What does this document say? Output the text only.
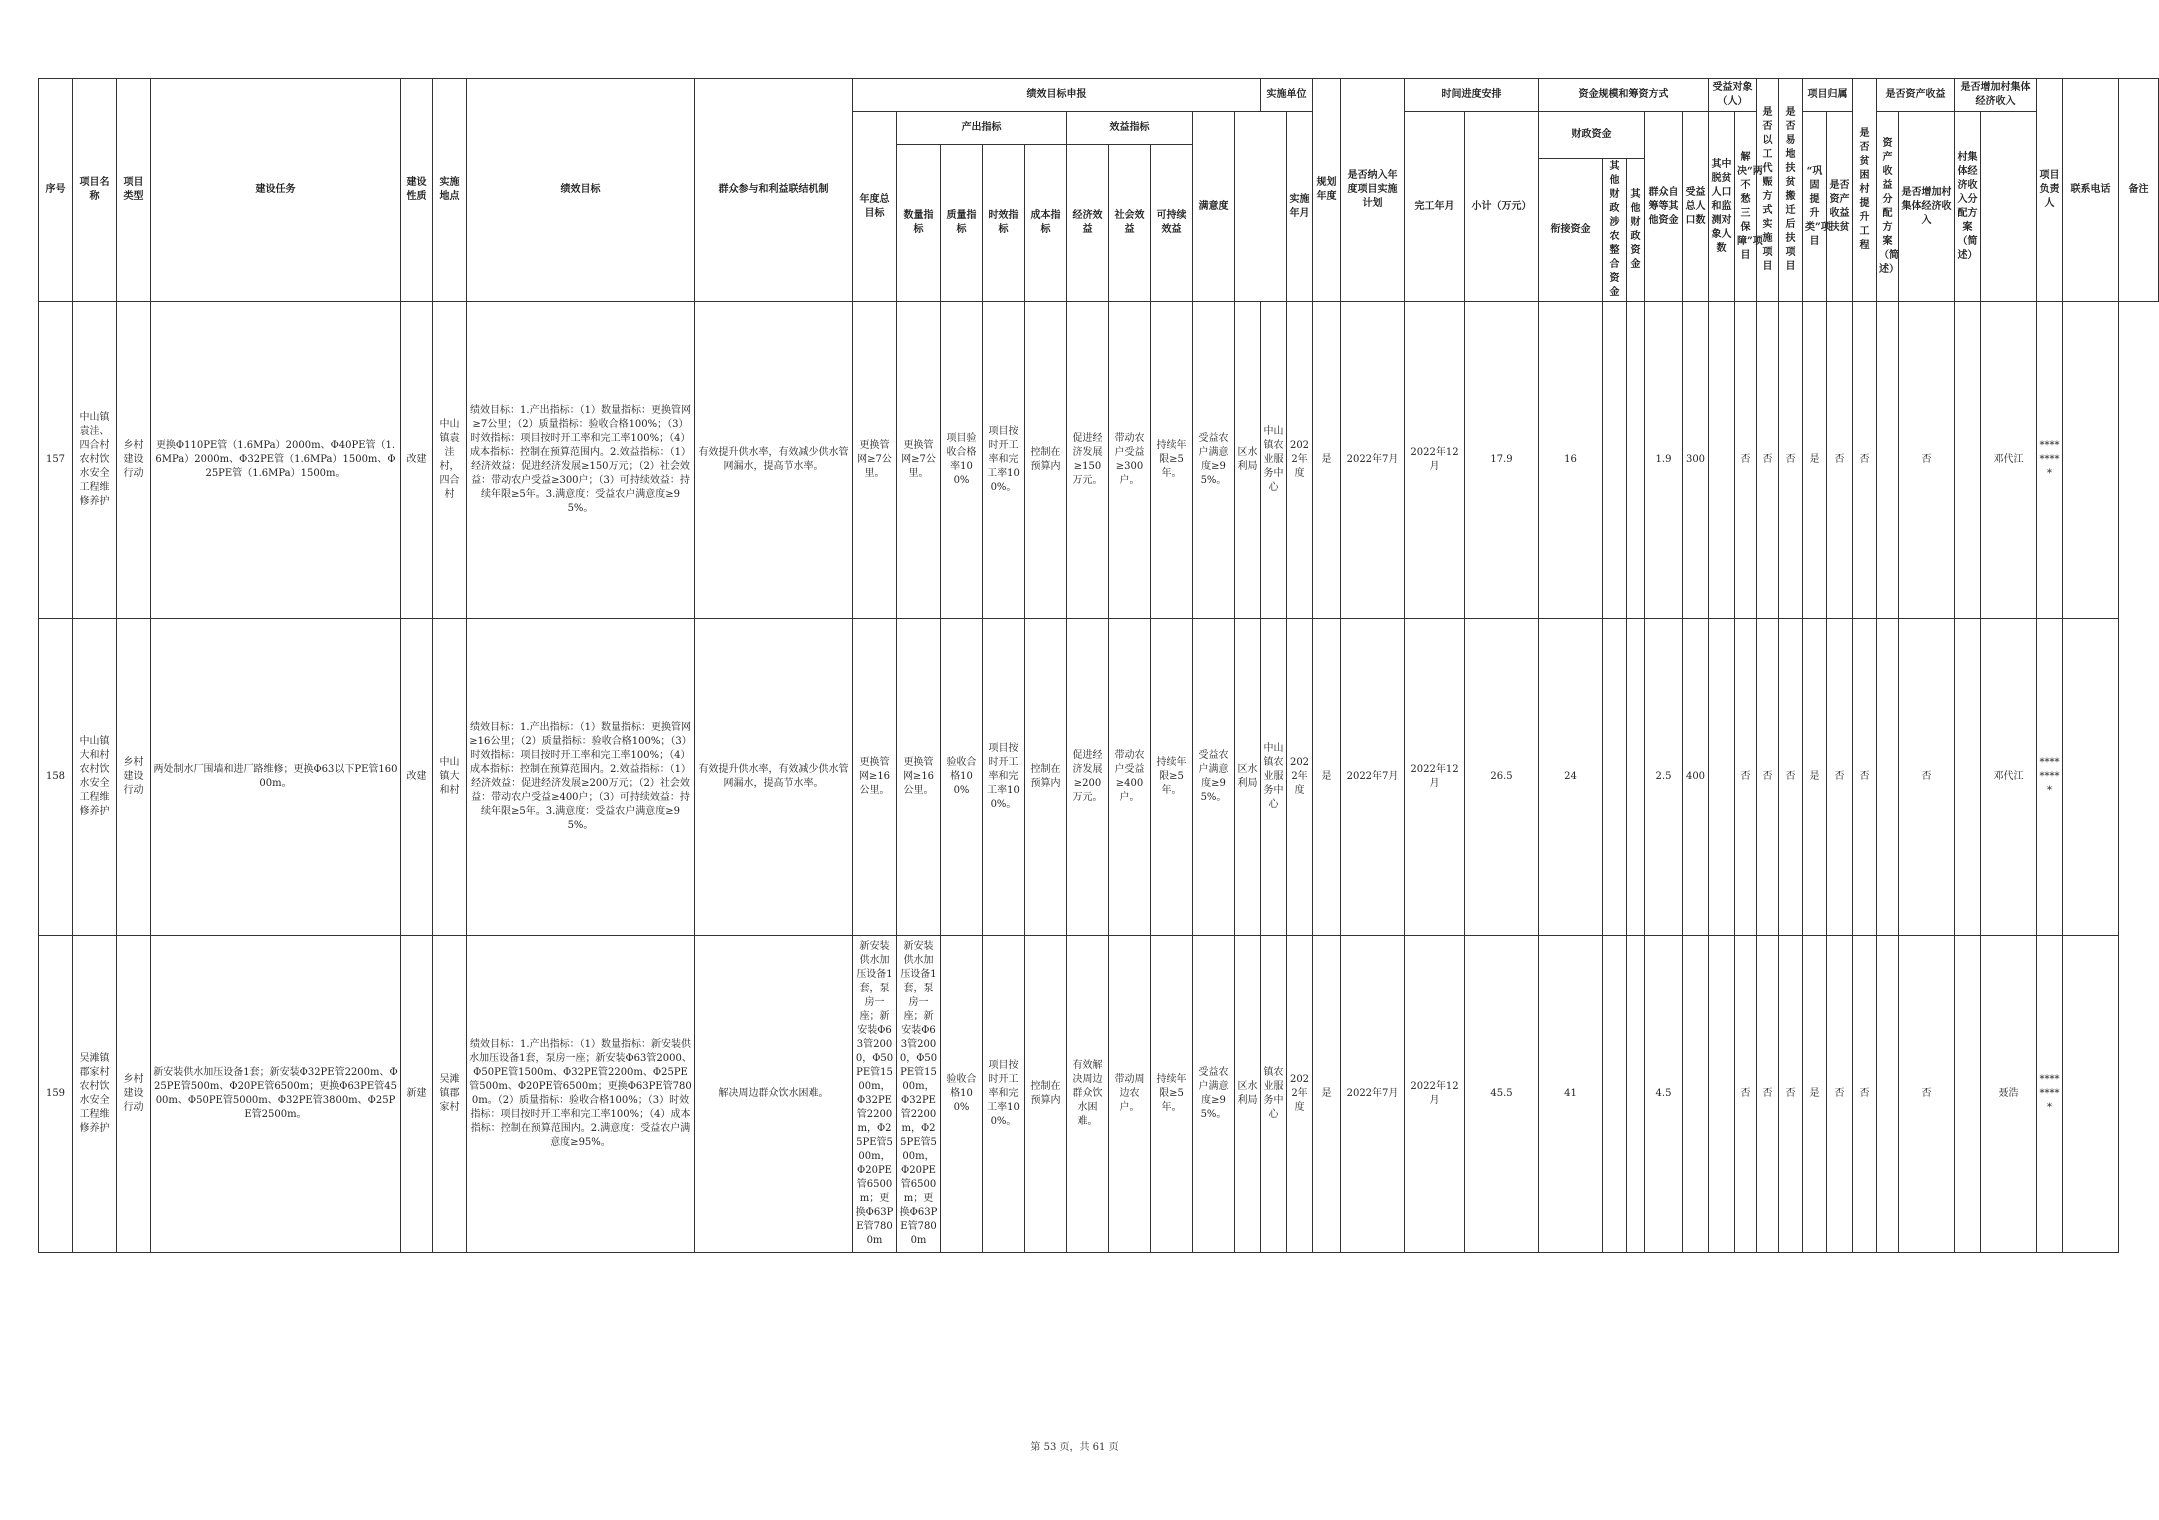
序号	项目名称	项目类型	建设任务	建设性质	实施地点	绩效目标	群众参与和利益联结机制	绩效目标申报										实施单位		规划年度	是否纳入年度项目实施计划	时间进度安排		资金规模和筹资方式					受益对象（人）		是否以工代赈方式实施项目	是否易地扶贫搬迁后扶项目	项目归属		是否贫困村提升工程	是否资产收益		是否增加村集体经济收入		项目负责人	联系电话	备注
								年度总目标	产出指标				效益指标			满意度			实施年月			完工年月	小计（万元）	财政资金			群众自筹等其他资金	受益总人口数	其中脱贫人口和监测对象人数	解决“两不愁三保障”项目			“巩固提升类”项目	是否资产收益扶贫		资产收益分配方案（简述）	是否增加村集体经济收入	村集体经济收入分配方案（简述）				
									数量指标	质量指标	时效指标	成本指标	经济效益	社会效益	可持续效益																											
																								衔接资金	其他财政涉农整合资金	其他财政资金																
157	中山镇袁洼、四合村农村饮水安全工程维修养护	乡村建设行动	更换Φ110PE管（1.6MPa）2000m、Φ40PE管（1.6MPa）2000m、Φ32PE管（1.6MPa）1500m、Φ25PE管（1.6MPa）1500m。	改建	中山镇袁洼村，四合村	绩效目标：1.产出指标：（1）数量指标：更换管网≥7公里；（2）质量指标：验收合格100%；（3）时效指标：项目按时开工率和完工率100%；（4）成本指标：控制在预算范围内。2.效益指标：（1）经济效益：促进经济发展≥150万元；（2）社会效益：带动农户受益≥300户；（3）可持续效益：持续年限≥5年。3.满意度：受益农户满意度≥95%。	有效提升供水率，有效减少供水管网漏水，提高节水率。	更换管网≥7公里。	更换管网≥7公里。	项目验收合格率100%	项目按时开工率和完工率100%。	控制在预算内	促进经济发展≥150万元。	带动农户受益≥300户。	持续年限≥5年。	受益农户满意度≥95%。	区水利局	中山镇农业服务中心	2022年度	是	2022年7月	2022年12月	17.9	16			1.9	300		否	否	否	是	否	否		否		邓代江	*********		
158	中山镇大和村农村饮水安全工程维修养护	乡村建设行动	两处制水厂围墙和进厂路维修；更换Φ63以下PE管16000m。	改建	中山镇大和村	绩效目标：1.产出指标：（1）数量指标：更换管网≥16公里；（2）质量指标：验收合格100%；（3）时效指标：项目按时开工率和完工率100%；（4）成本指标：控制在预算范围内。2.效益指标：（1）经济效益：促进经济发展≥200万元；（2）社会效益：带动农户受益≥400户；（3）可持续效益：持续年限≥5年。3.满意度：受益农户满意度≥95%。	有效提升供水率，有效减少供水管网漏水，提高节水率。	更换管网≥16公里。	更换管网≥16公里。	验收合格100%	项目按时开工率和完工率100%。	控制在预算内	促进经济发展≥200万元。	带动农户受益≥400户。	持续年限≥5年。	受益农户满意度≥95%。	区水利局	中山镇农业服务中心	2022年度	是	2022年7月	2022年12月	26.5	24			2.5	400		否	否	否	是	否	否		否		邓代江	*********		
159	吴滩镇郡家村农村饮水安全工程维修养护	乡村建设行动	新安装供水加压设备1套；新安装Φ32PE管2200m、Φ25PE管500m、Φ20PE管6500m；更换Φ63PE管4500m、Φ50PE管5000m、Φ32PE管3800m、Φ25PE管2500m。	新建	吴滩镇郡家村	绩效目标：1.产出指标：（1）数量指标：新安装供水加压设备1套，泵房一座；新安装Φ63管2000、Φ50PE管1500m、Φ32PE管2200m、Φ25PE管500m、Φ20PE管6500m；更换Φ63PE管7800m。（2）质量指标：验收合格100%；（3）时效指标：项目按时开工率和完工率100%；（4）成本指标：控制在预算范围内。2.满意度：受益农户满意度≥95%。	解决周边群众饮水困难。	新安装供水加压设备1套，泵房一座；新安装Φ63管2000，Φ50PE管1500m，Φ32PE管2200m，Φ25PE管500m，Φ20PE管6500m；更换Φ63PE管7800m	新安装供水加压设备1套，泵房一座；新安装Φ63管2000，Φ50PE管1500m，Φ32PE管2200m，Φ25PE管500m，Φ20PE管6500m；更换Φ63PE管7800m	验收合格100%	项目按时开工率和完工率100%。	控制在预算内	有效解决周边群众饮水困难。	带动周边农户。	持续年限≥5年。	受益农户满意度≥95%。	区水利局	镇农业服务中心	2022年度	是	2022年7月	2022年12月	45.5	41			4.5			否	否	否	是	否	否		否		聂浩	*********		
第 53 页，共 61 页
